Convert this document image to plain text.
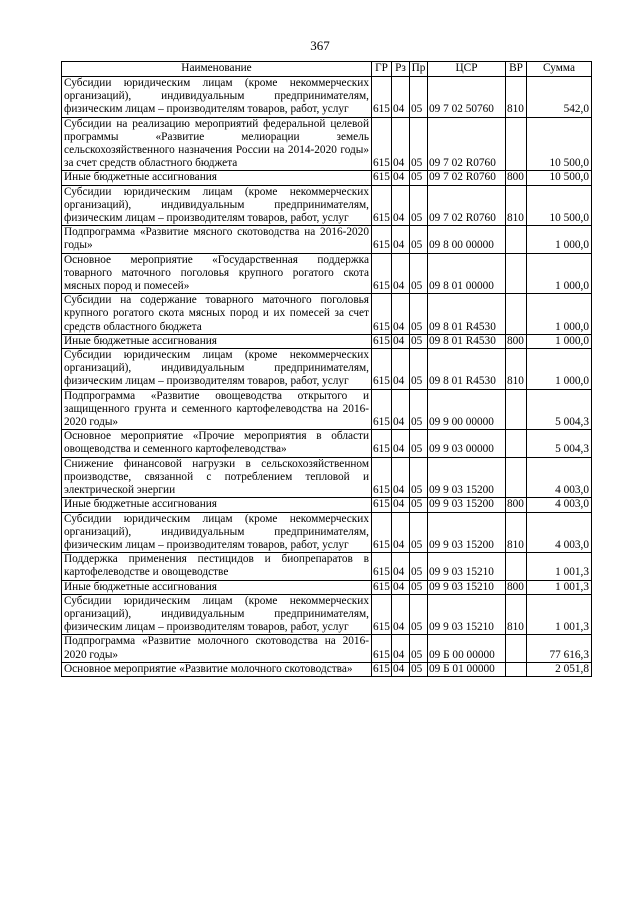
367
Наименование	ГР	Рз	Пр	ЦСР	ВР	Сумма
Субсидии юридическим лицам (кроме некоммерческих организаций), индивидуальным предпринимателям, физическим лицам – производителям товаров, работ, услуг	615	04	05	09 7 02 50760	810	542,0
Субсидии на реализацию мероприятий федеральной целевой программы «Развитие мелиорации земель сельскохозяйственного назначения России на 2014-2020 годы» за счет средств областного бюджета	615	04	05	09 7 02 R0760		10 500,0
Иные бюджетные ассигнования	615	04	05	09 7 02 R0760	800	10 500,0
Субсидии юридическим лицам (кроме некоммерческих организаций), индивидуальным предпринимателям, физическим лицам – производителям товаров, работ, услуг	615	04	05	09 7 02 R0760	810	10 500,0
Подпрограмма «Развитие мясного скотоводства на 2016-2020 годы»	615	04	05	09 8 00 00000		1 000,0
Основное мероприятие «Государственная поддержка товарного маточного поголовья крупного рогатого скота мясных пород и помесей»	615	04	05	09 8 01 00000		1 000,0
Субсидии на содержание товарного маточного поголовья крупного рогатого скота мясных пород и их помесей за счет средств областного бюджета	615	04	05	09 8 01 R4530		1 000,0
Иные бюджетные ассигнования	615	04	05	09 8 01 R4530	800	1 000,0
Субсидии юридическим лицам (кроме некоммерческих организаций), индивидуальным предпринимателям, физическим лицам – производителям товаров, работ, услуг	615	04	05	09 8 01 R4530	810	1 000,0
Подпрограмма «Развитие овощеводства открытого и защищенного грунта и семенного картофелеводства на 2016-2020 годы»	615	04	05	09 9 00 00000		5 004,3
Основное мероприятие «Прочие мероприятия в области овощеводства и семенного картофелеводства»	615	04	05	09 9 03 00000		5 004,3
Снижение финансовой нагрузки в сельскохозяйственном производстве, связанной с потреблением тепловой и электрической энергии	615	04	05	09 9 03 15200		4 003,0
Иные бюджетные ассигнования	615	04	05	09 9 03 15200	800	4 003,0
Субсидии юридическим лицам (кроме некоммерческих организаций), индивидуальным предпринимателям, физическим лицам – производителям товаров, работ, услуг	615	04	05	09 9 03 15200	810	4 003,0
Поддержка применения пестицидов и биопрепаратов в картофелеводстве и овощеводстве	615	04	05	09 9 03 15210		1 001,3
Иные бюджетные ассигнования	615	04	05	09 9 03 15210	800	1 001,3
Субсидии юридическим лицам (кроме некоммерческих организаций), индивидуальным предпринимателям, физическим лицам – производителям товаров, работ, услуг	615	04	05	09 9 03 15210	810	1 001,3
Подпрограмма «Развитие молочного скотоводства на 2016-2020 годы»	615	04	05	09 Б 00 00000		77 616,3
Основное мероприятие «Развитие молочного скотоводства»	615	04	05	09 Б 01 00000		2 051,8
